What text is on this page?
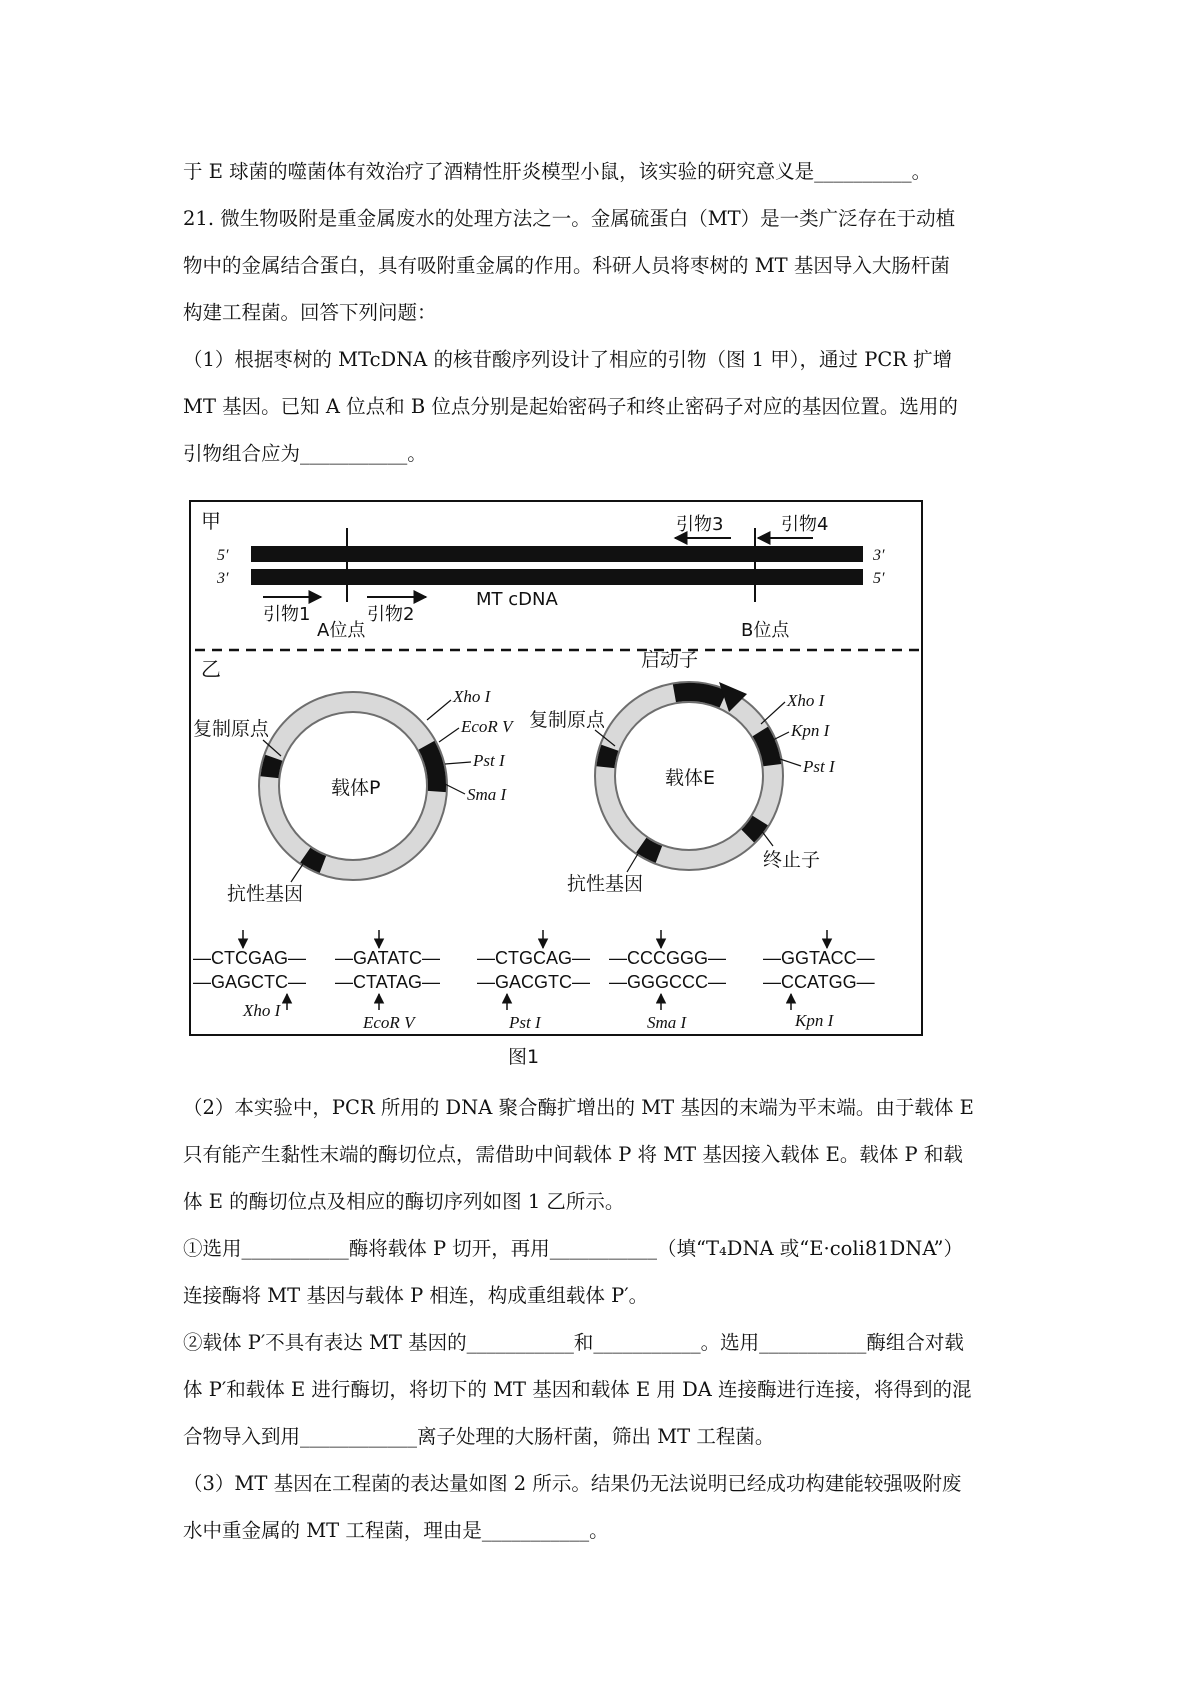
于 E 球菌的噬菌体有效治疗了酒精性肝炎模型小鼠，该实验的研究意义是__________。
21. 微生物吸附是重金属废水的处理方法之一。金属硫蛋白（MT）是一类广泛存在于动植
物中的金属结合蛋白，具有吸附重金属的作用。科研人员将枣树的 MT 基因导入大肠杆菌
构建工程菌。回答下列问题：
（1）根据枣树的 MTcDNA 的核苷酸序列设计了相应的引物（图 1 甲），通过 PCR 扩增
MT 基因。已知 A 位点和 B 位点分别是起始密码子和终止密码子对应的基因位置。选用的
引物组合应为___________。
甲
5′
3′
3′
5′
引物1	引物2
MT cDNA
A位点	B位点
引物3	引物4
乙
载体P
复制原点
抗性基因
Xho I
EcoR V
Pst I
Sma I
载体E
启动子
复制原点
抗性基因
终止子
Xho I
Kpn I
Pst I
—CTCGAG—
—GAGCTC—
Xho I
—GATATC—
—CTATAG—
EcoR V
—CTGCAG—
—GACGTC—
Pst I
—CCCGGG—
—GGGCCC—
Sma I
—GGTACC—
—CCATGG—
Kpn I
图1
（2）本实验中，PCR 所用的 DNA 聚合酶扩增出的 MT 基因的末端为平末端。由于载体 E
只有能产生黏性末端的酶切位点，需借助中间载体 P 将 MT 基因接入载体 E。载体 P 和载
体 E 的酶切位点及相应的酶切序列如图 1 乙所示。
①选用___________酶将载体 P 切开，再用___________（填“T₄DNA 或“E·coli81DNA”）
连接酶将 MT 基因与载体 P 相连，构成重组载体 P′。
②载体 P′不具有表达 MT 基因的___________和___________。选用___________酶组合对载
体 P′和载体 E 进行酶切，将切下的 MT 基因和载体 E 用 DA 连接酶进行连接，将得到的混
合物导入到用____________离子处理的大肠杆菌，筛出 MT 工程菌。
（3）MT 基因在工程菌的表达量如图 2 所示。结果仍无法说明已经成功构建能较强吸附废
水中重金属的 MT 工程菌，理由是___________。
